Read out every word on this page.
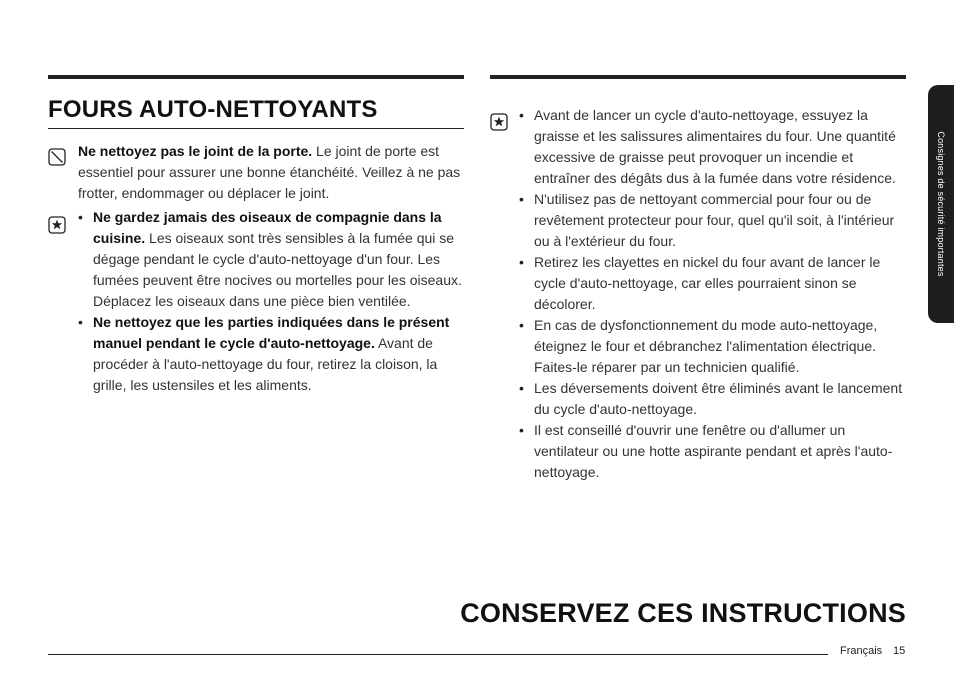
FOURS AUTO-NETTOYANTS

Ne nettoyez pas le joint de la porte. Le joint de porte est essentiel pour assurer une bonne étanchéité. Veillez à ne pas frotter, endommager ou déplacer le joint.

• Ne gardez jamais des oiseaux de compagnie dans la cuisine. Les oiseaux sont très sensibles à la fumée qui se dégage pendant le cycle d'auto-nettoyage d'un four. Les fumées peuvent être nocives ou mortelles pour les oiseaux. Déplacez les oiseaux dans une pièce bien ventilée.
• Ne nettoyez que les parties indiquées dans le présent manuel pendant le cycle d'auto-nettoyage. Avant de procéder à l'auto-nettoyage du four, retirez la cloison, la grille, les ustensiles et les aliments.
• Avant de lancer un cycle d'auto-nettoyage, essuyez la graisse et les salissures alimentaires du four. Une quantité excessive de graisse peut provoquer un incendie et entraîner des dégâts dus à la fumée dans votre résidence.
• N'utilisez pas de nettoyant commercial pour four ou de revêtement protecteur pour four, quel qu'il soit, à l'intérieur ou à l'extérieur du four.
• Retirez les clayettes en nickel du four avant de lancer le cycle d'auto-nettoyage, car elles pourraient sinon se décolorer.
• En cas de dysfonctionnement du mode auto-nettoyage, éteignez le four et débranchez l'alimentation électrique. Faites-le réparer par un technicien qualifié.
• Les déversements doivent être éliminés avant le lancement du cycle d'auto-nettoyage.
• Il est conseillé d'ouvrir une fenêtre ou d'allumer un ventilateur ou une hotte aspirante pendant et après l'auto-nettoyage.
CONSERVEZ CES INSTRUCTIONS
Français 15
Consignes de sécurité importantes
